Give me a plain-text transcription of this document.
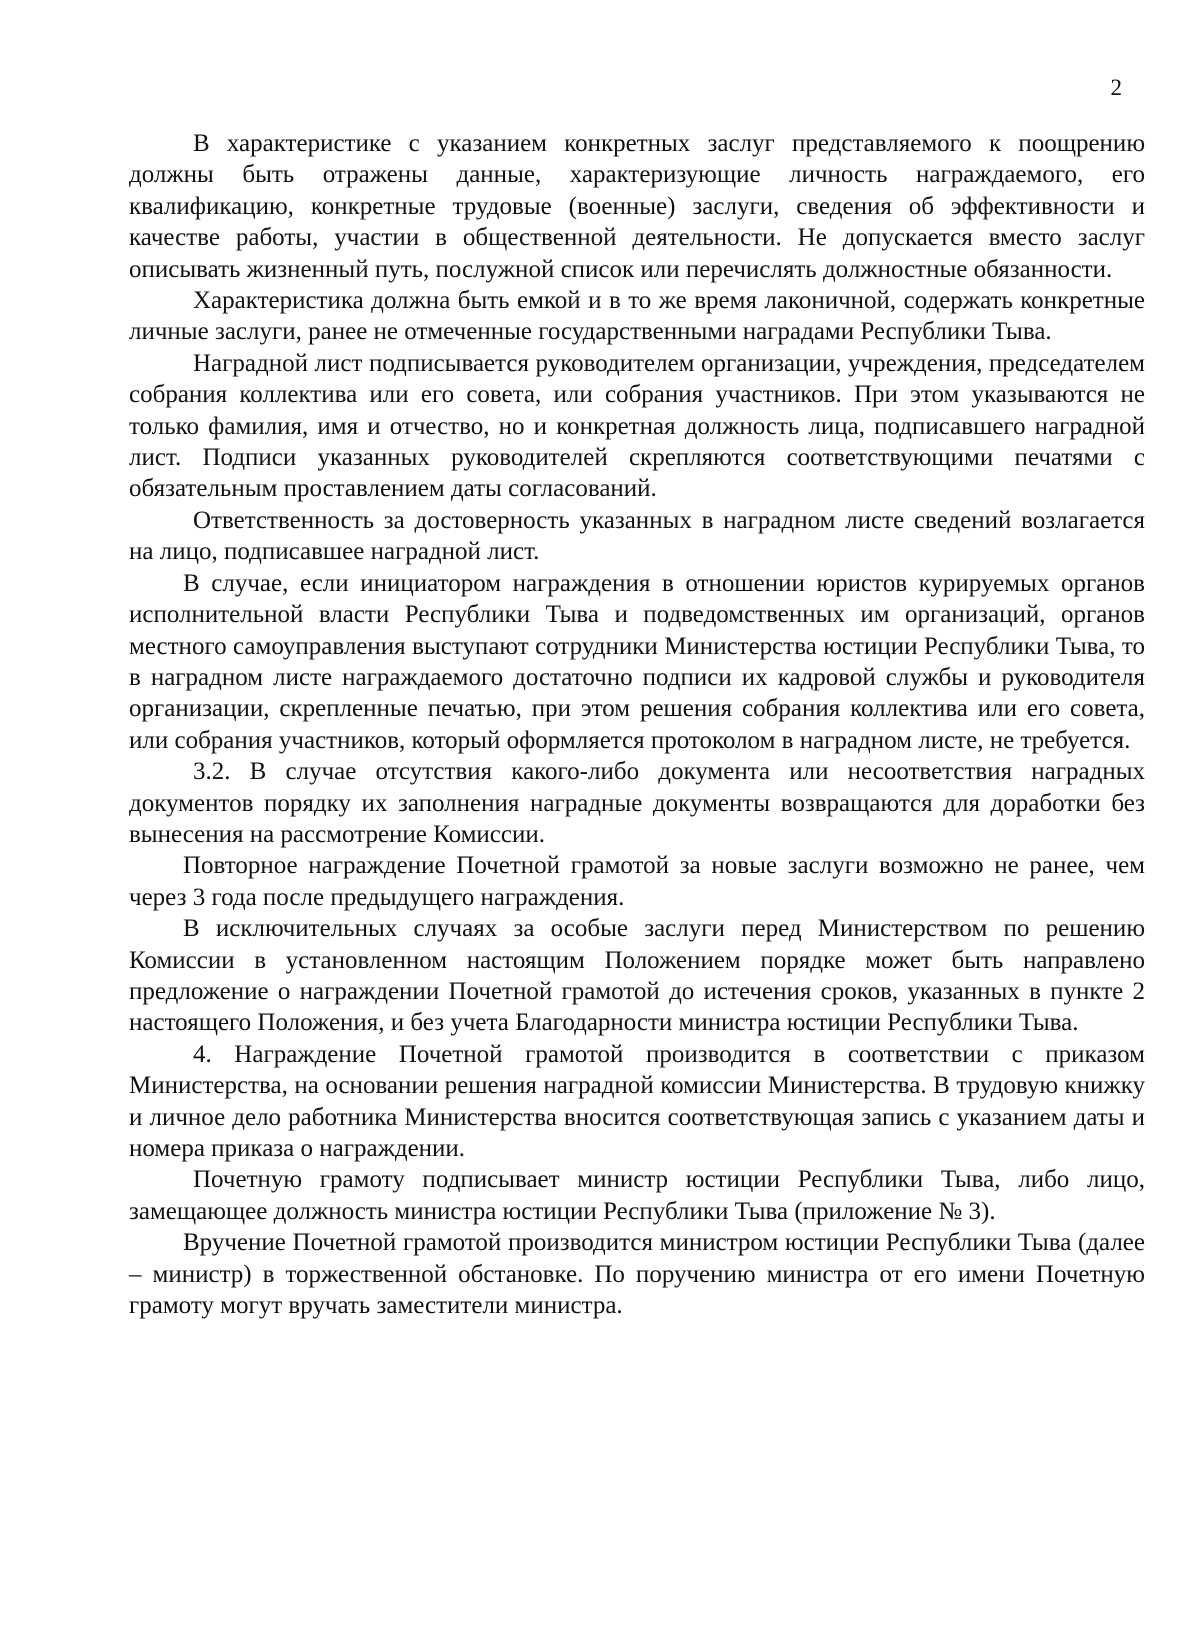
2

В характеристике с указанием конкретных заслуг представляемого к поощрению должны быть отражены данные, характеризующие личность награждаемого, его квалификацию, конкретные трудовые (военные) заслуги, сведения об эффективности и качестве работы, участии в общественной деятельности. Не допускается вместо заслуг описывать жизненный путь, послужной список или перечислять должностные обязанности.

Характеристика должна быть емкой и в то же время лаконичной, содержать конкретные личные заслуги, ранее не отмеченные государственными наградами Республики Тыва.

Наградной лист подписывается руководителем организации, учреждения, председателем собрания коллектива или его совета, или собрания участников. При этом указываются не только фамилия, имя и отчество, но и конкретная должность лица, подписавшего наградной лист. Подписи указанных руководителей скрепляются соответствующими печатями с обязательным проставлением даты согласований.

Ответственность за достоверность указанных в наградном листе сведений возлагается на лицо, подписавшее наградной лист.

В случае, если инициатором награждения в отношении юристов курируемых органов исполнительной власти Республики Тыва и подведомственных им организаций, органов местного самоуправления выступают сотрудники Министерства юстиции Республики Тыва, то в наградном листе награждаемого достаточно подписи их кадровой службы и руководителя организации, скрепленные печатью, при этом решения собрания коллектива или его совета, или собрания участников, который оформляется протоколом в наградном листе, не требуется.

3.2. В случае отсутствия какого-либо документа или несоответствия наградных документов порядку их заполнения наградные документы возвращаются для доработки без вынесения на рассмотрение Комиссии.

Повторное награждение Почетной грамотой за новые заслуги возможно не ранее, чем через 3 года после предыдущего награждения.

В исключительных случаях за особые заслуги перед Министерством по решению Комиссии в установленном настоящим Положением порядке может быть направлено предложение о награждении Почетной грамотой до истечения сроков, указанных в пункте 2 настоящего Положения, и без учета Благодарности министра юстиции Республики Тыва.

4. Награждение Почетной грамотой производится в соответствии с приказом Министерства, на основании решения наградной комиссии Министерства. В трудовую книжку и личное дело работника Министерства вносится соответствующая запись с указанием даты и номера приказа о награждении.

Почетную грамоту подписывает министр юстиции Республики Тыва, либо лицо, замещающее должность министра юстиции Республики Тыва (приложение № 3).

Вручение Почетной грамотой производится министром юстиции Республики Тыва (далее – министр) в торжественной обстановке. По поручению министра от его имени Почетную грамоту могут вручать заместители министра.
